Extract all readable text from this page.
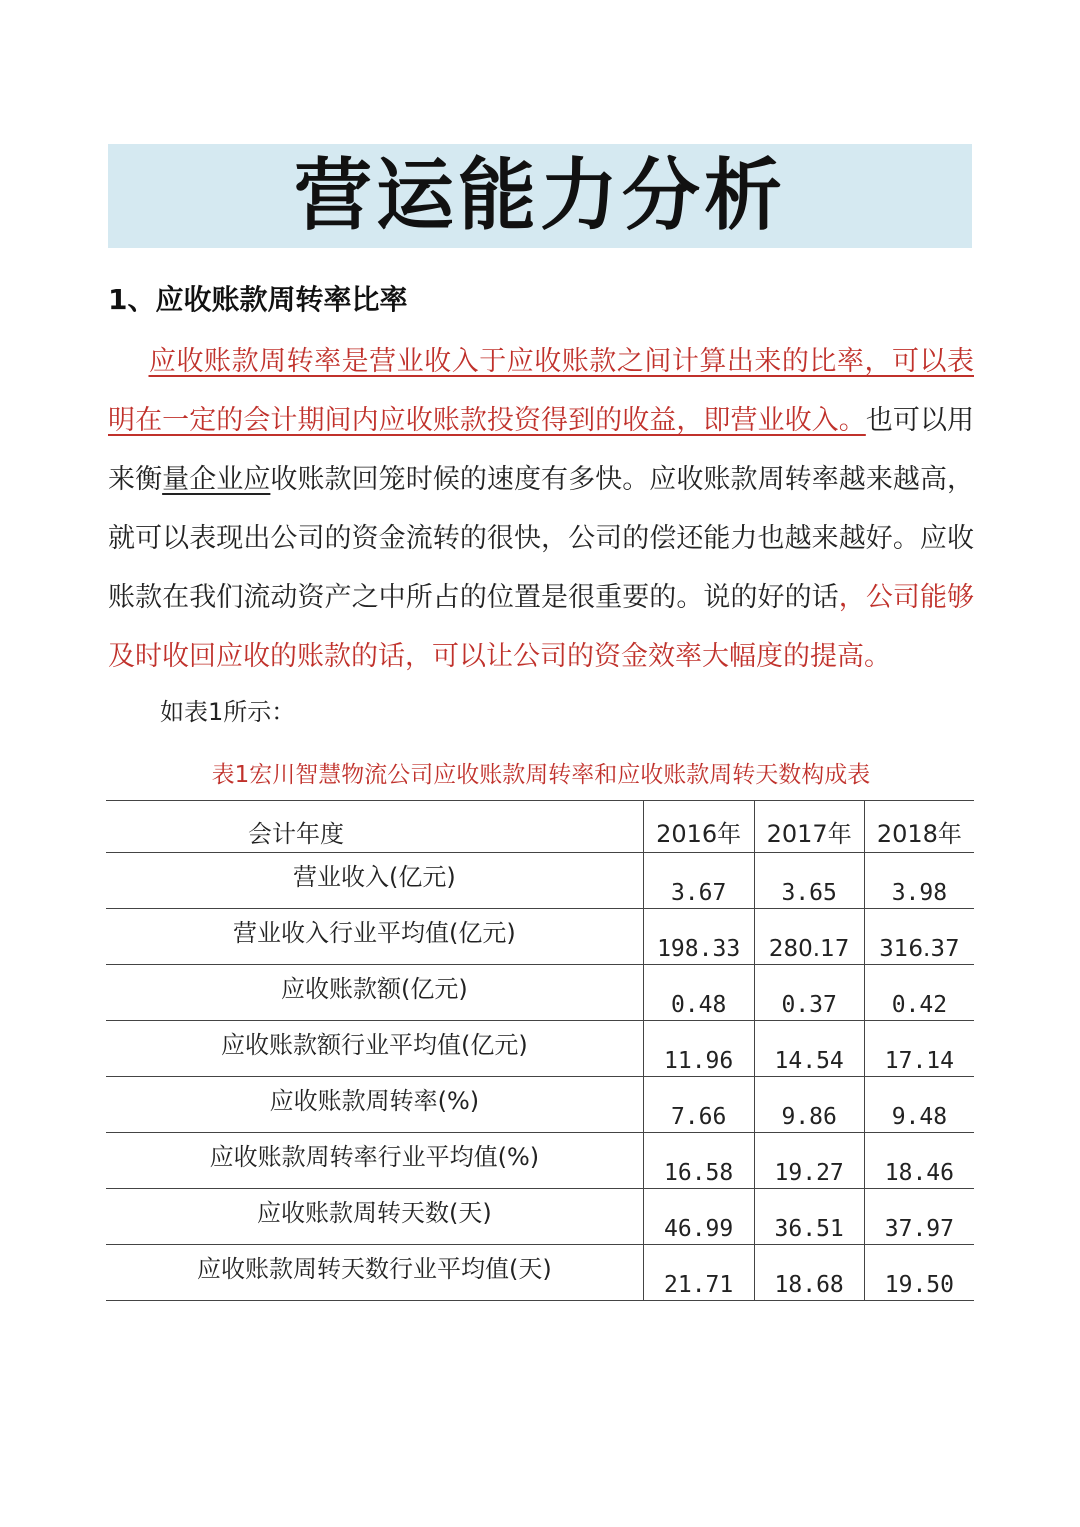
营运能力分析
1、应收账款周转率比率
  应收账款周转率是营业收入于应收账款之间计算出来的比率，可以表明在一定的会计期间内应收账款投资得到的收益，即营业收入。也可以用来衡量企业应收账款回笼时候的速度有多快。应收账款周转率越来越高，就可以表现出公司的资金流转的很快，公司的偿还能力也越来越好。应收账款在我们流动资产之中所占的位置是很重要的。说的好的话，公司能够及时收回应收的账款的话，可以让公司的资金效率大幅度的提高。
如表1所示：
表1宏川智慧物流公司应收账款周转率和应收账款周转天数构成表
会计年度	2016年	2017年	2018年
营业收入(亿元)	3.67	3.65	3.98
营业收入行业平均值(亿元)	198.33	280.17	316.37
应收账款额(亿元)	0.48	0.37	0.42
应收账款额行业平均值(亿元)	11.96	14.54	17.14
应收账款周转率(%)	7.66	9.86	9.48
应收账款周转率行业平均值(%)	16.58	19.27	18.46
应收账款周转天数(天)	46.99	36.51	37.97
应收账款周转天数行业平均值(天)	21.71	18.68	19.50
